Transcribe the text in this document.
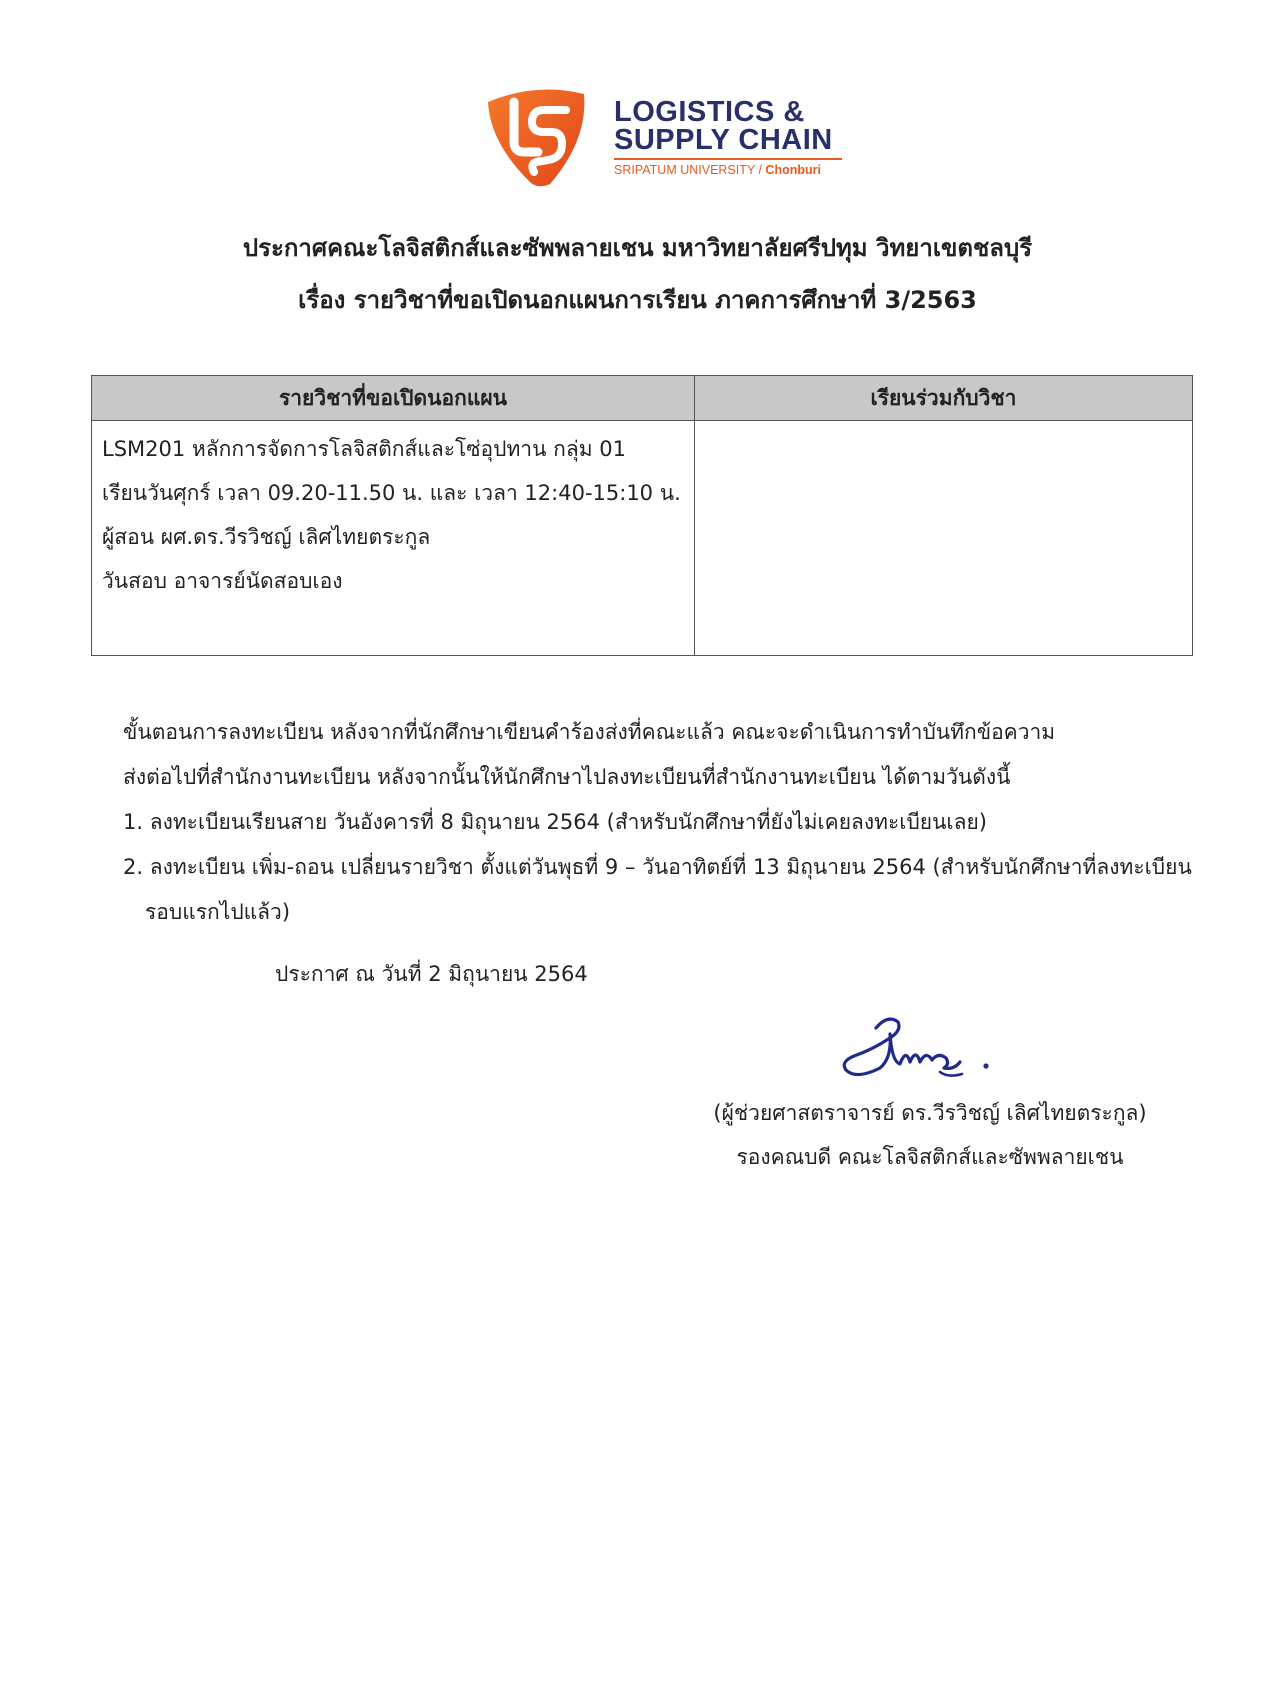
LOGISTICS &
SUPPLY CHAIN
SRIPATUM UNIVERSITY / Chonburi
ประกาศคณะโลจิสติกส์และซัพพลายเชน มหาวิทยาลัยศรีปทุม วิทยาเขตชลบุรี
เรื่อง รายวิชาที่ขอเปิดนอกแผนการเรียน ภาคการศึกษาที่ 3/2563
รายวิชาที่ขอเปิดนอกแผน	เรียนร่วมกับวิชา

LSM201 หลักการจัดการโลจิสติกส์และโซ่อุปทาน กลุ่ม 01
เรียนวันศุกร์ เวลา 09.20-11.50 น. และ เวลา 12:40-15:10 น.
ผู้สอน ผศ.ดร.วีรวิชญ์ เลิศไทยตระกูล
วันสอบ อาจารย์นัดสอบเอง	

ขั้นตอนการลงทะเบียน หลังจากที่นักศึกษาเขียนคำร้องส่งที่คณะแล้ว คณะจะดำเนินการทำบันทึกข้อความ
ส่งต่อไปที่สำนักงานทะเบียน หลังจากนั้นให้นักศึกษาไปลงทะเบียนที่สำนักงานทะเบียน ได้ตามวันดังนี้
1. ลงทะเบียนเรียนสาย วันอังคารที่ 8 มิถุนายน 2564 (สำหรับนักศึกษาที่ยังไม่เคยลงทะเบียนเลย)
2. ลงทะเบียน เพิ่ม-ถอน เปลี่ยนรายวิชา ตั้งแต่วันพุธที่ 9 – วันอาทิตย์ที่ 13 มิถุนายน 2564 (สำหรับนักศึกษาที่ลงทะเบียน
รอบแรกไปแล้ว)
ประกาศ ณ วันที่ 2 มิถุนายน 2564
(ผู้ช่วยศาสตราจารย์ ดร.วีรวิชญ์ เลิศไทยตระกูล)
รองคณบดี คณะโลจิสติกส์และซัพพลายเชน
